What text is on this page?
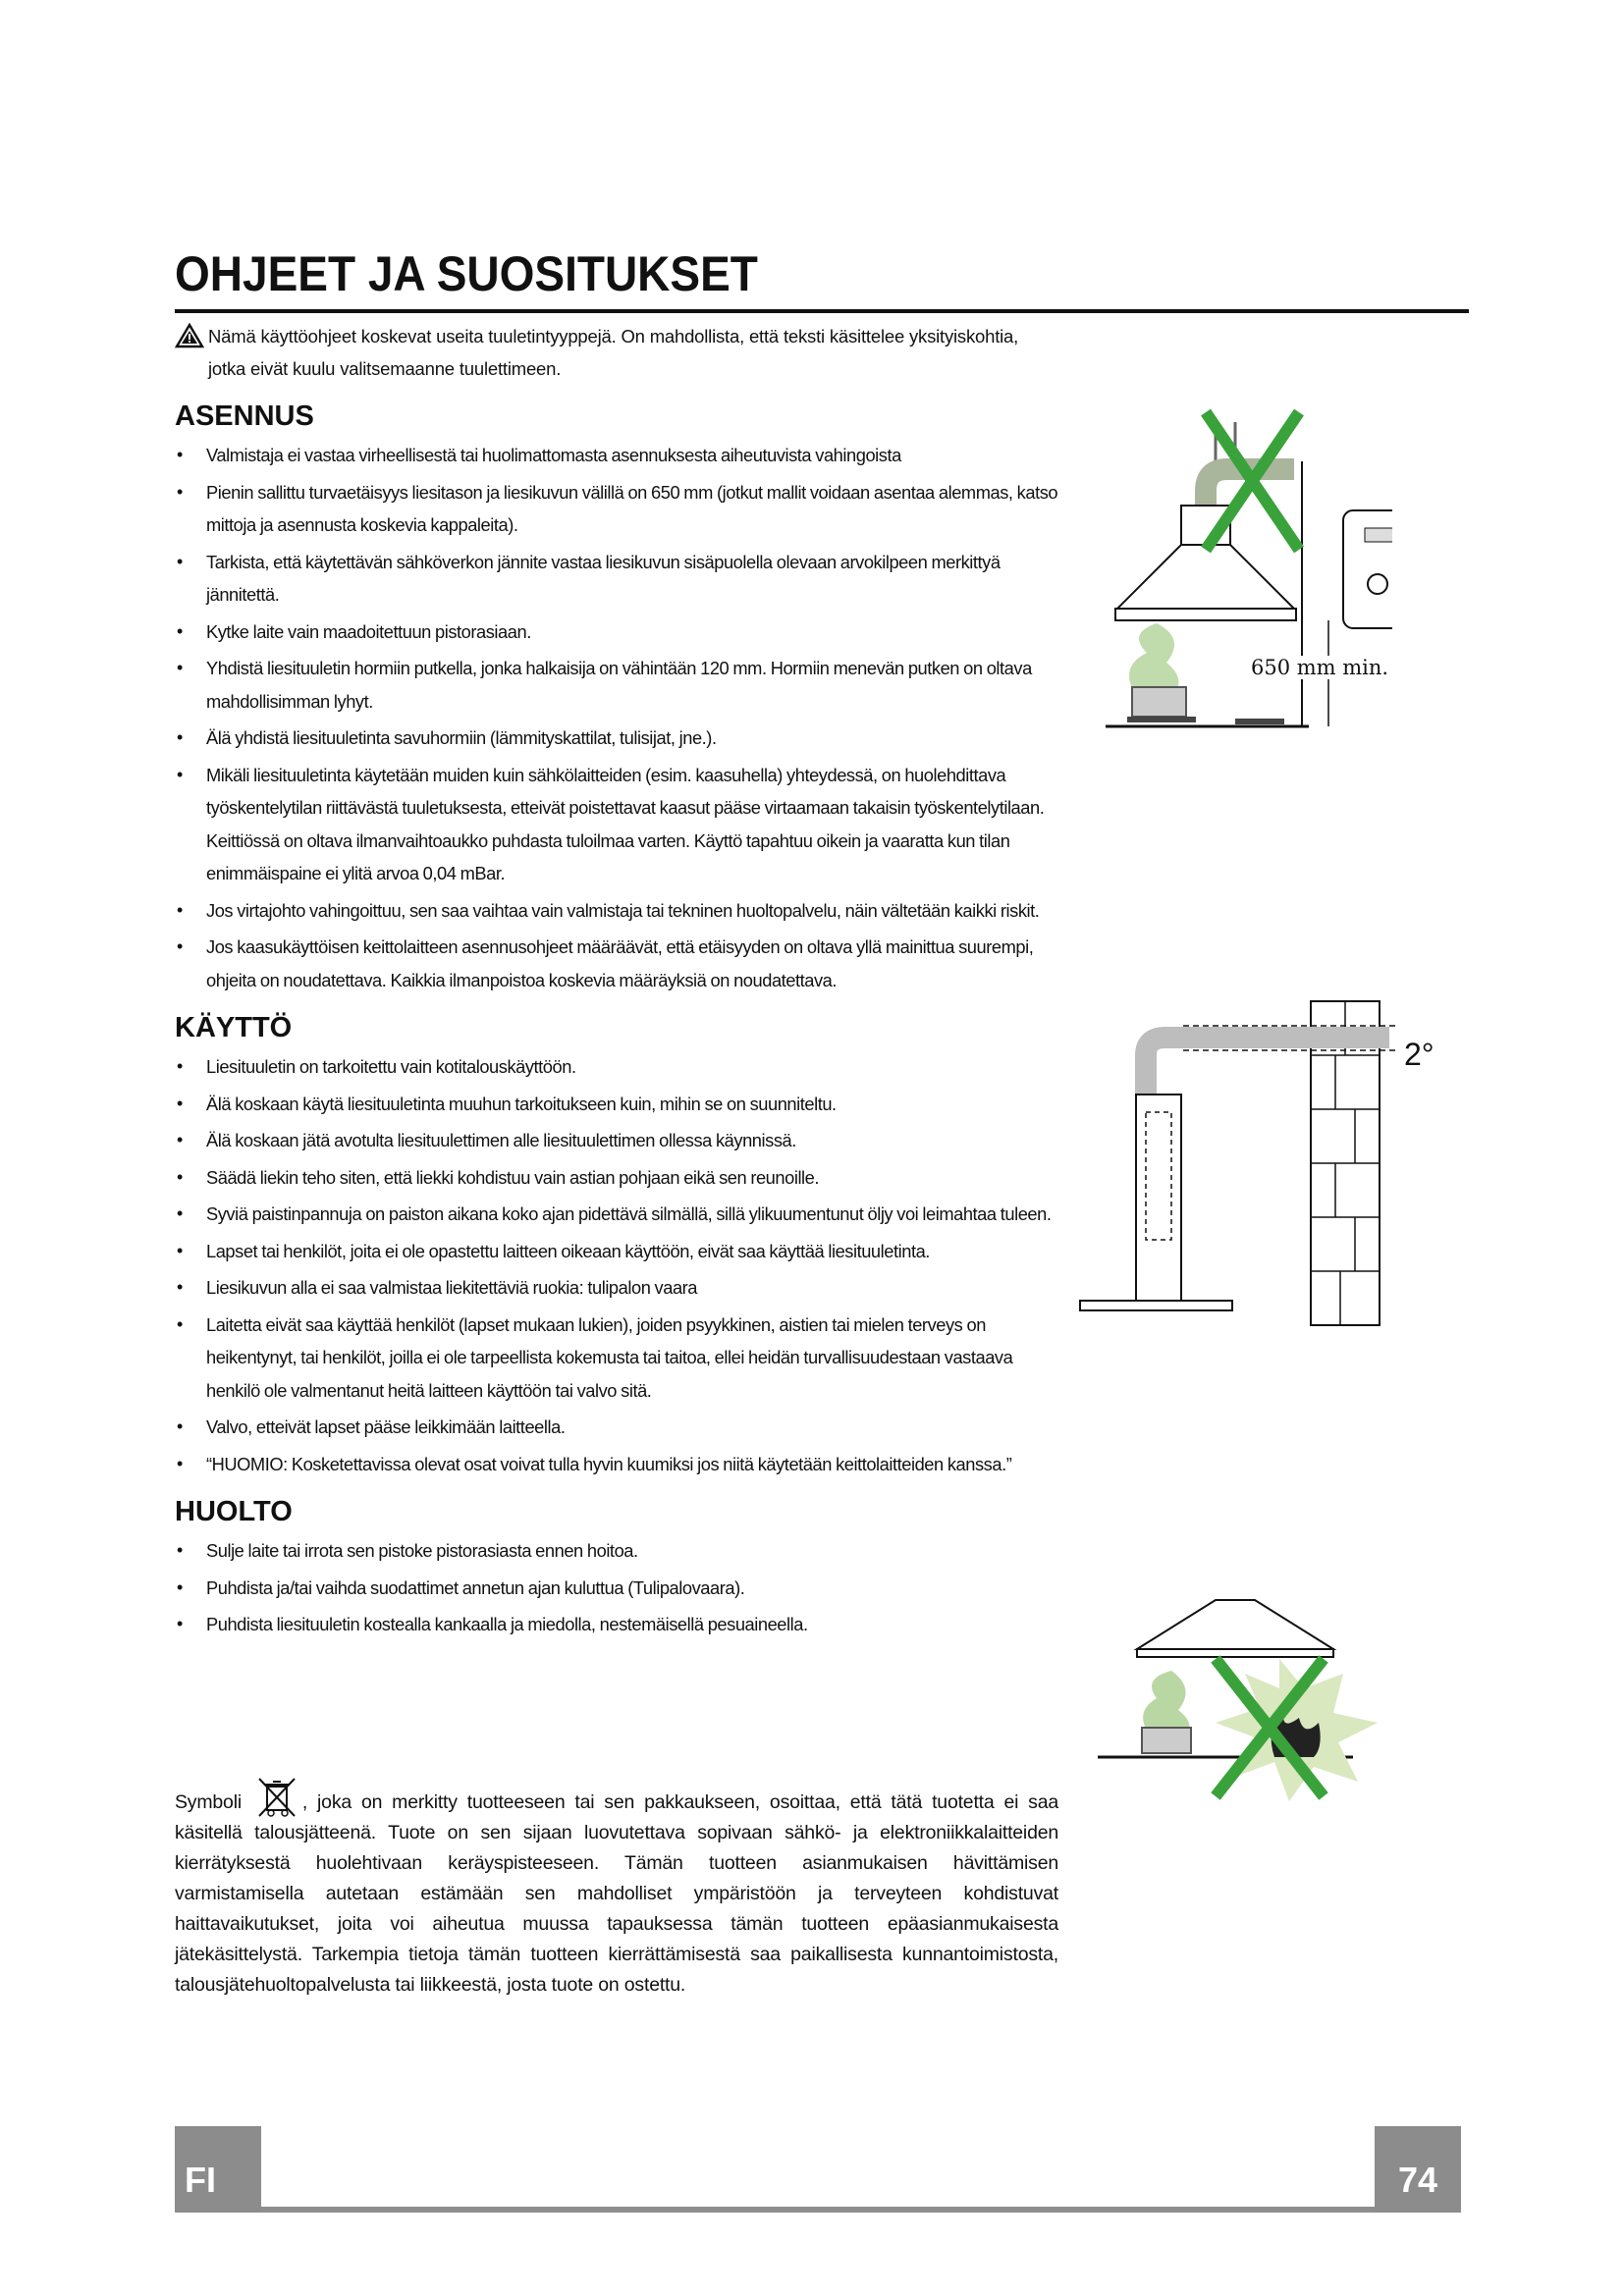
OHJEET JA SUOSITUKSET
Nämä käyttöohjeet koskevat useita tuuletintyyppejä. On mahdollista, että teksti käsittelee yksityiskohtia,
jotka eivät kuulu valitsemaanne tuulettimeen.
ASENNUS
• Valmistaja ei vastaa virheellisestä tai huolimattomasta asennuksesta aiheutuvista vahingoista
• Pienin sallittu turvaetäisyys liesitason ja liesikuvun välillä on 650 mm (jotkut mallit voidaan asentaa alemmas, katso mittoja ja asennusta koskevia kappaleita).
• Tarkista, että käytettävän sähköverkon jännite vastaa liesikuvun sisäpuolella olevaan arvokilpeen merkittyä jännitettä.
• Kytke laite vain maadoitettuun pistorasiaan.
• Yhdistä liesituuletin hormiin putkella, jonka halkaisija on vähintään 120 mm. Hormiin menevän putken on oltava mahdollisimman lyhyt.
• Älä yhdistä liesituuletinta savuhormiin (lämmityskattilat, tulisijat, jne.).
• Mikäli liesituuletinta käytetään muiden kuin sähkölaitteiden (esim. kaasuhella) yhteydessä, on huolehdittava työskentelytilan riittävästä tuuletuksesta, etteivät poistettavat kaasut pääse virtaamaan takaisin työskentelytilaan. Keittiössä on oltava ilmanvaihtoaukko puhdasta tuloilmaa varten. Käyttö tapahtuu oikein ja vaarattа kun tilan enimmäispaine ei ylitä arvoa 0,04 mBar.
• Jos virtajohto vahingoittuu, sen saa vaihtaa vain valmistaja tai tekninen huoltopalvelu, näin vältetään kaikki riskit.
• Jos kaasukäyttöisen keittolaitteen asennusohjeet määräävät, että etäisyyden on oltava yllä mainittua suurempi, ohjeita on noudatettava. Kaikkia ilmanpoistoa koskevia määräyksiä on noudatettava.
KÄYTTÖ
• Liesituuletin on tarkoitettu vain kotitalouskäyttöön.
• Älä koskaan käytä liesituuletinta muuhun tarkoitukseen kuin, mihin se on suunniteltu.
• Älä koskaan jätä avotulta liesituulettimen alle liesituulettimen ollessa käynnissä.
• Säädä liekin teho siten, että liekki kohdistuu vain astian pohjaan eikä sen reunoille.
• Syviä paistinpannuja on paiston aikana koko ajan pidettävä silmällä, sillä ylikuumentunut öljy voi leimahtaa tuleen.
• Lapset tai henkilöt, joita ei ole opastettu laitteen oikeaan käyttöön, eivät saa käyttää liesituuletinta.
• Liesikuvun alla ei saa valmistaa liekitettäviä ruokia: tulipalon vaara
• Laitetta eivät saa käyttää henkilöt (lapset mukaan lukien), joiden psyykkinen, aistien tai mielen terveys on heikentynyt, tai henkilöt, joilla ei ole tarpeellista kokemusta tai taitoa, ellei heidän turvallisuudestaan vastaava henkilö ole valmentanut heitä laitteen käyttöön tai valvo sitä.
• Valvo, etteivät lapset pääse leikkimään laitteella.
• “HUOMIO: Kosketettavissa olevat osat voivat tulla hyvin kuumiksi jos niitä käytetään keittolaitteiden kanssa.”
HUOLTO
• Sulje laite tai irrota sen pistoke pistorasiasta ennen hoitoa.
• Puhdista ja/tai vaihda suodattimet annetun ajan kuluttua (Tulipalovaara).
• Puhdista liesituuletin kostealla kankaalla ja miedolla, nestemäisellä pesuaineella.
650 mm min.
2°
Symboli	, joka on merkitty tuotteeseen tai sen pakkaukseen, osoittaa, että tätä tuotetta ei saa käsitellä talousjätteenä. Tuote on sen sijaan luovutettava sopivaan sähkö- ja elektroniikkalaitteiden kierrätyksestä huolehtivaan keräyspisteeseen. Tämän tuotteen asianmukaisen hävittämisen varmistamisella autetaan estämään sen mahdolliset ympäristöön ja terveyteen kohdistuvat haittavaikutukset, joita voi aiheutua muussa tapauksessa tämän tuotteen epäasianmukaisesta jätekäsittelystä. Tarkempia tietoja tämän tuotteen kierrättämisestä saa paikallisesta kunnantoimistosta, talousjätehuoltopalvelusta tai liikkeestä, josta tuote on ostettu.
FI	74
